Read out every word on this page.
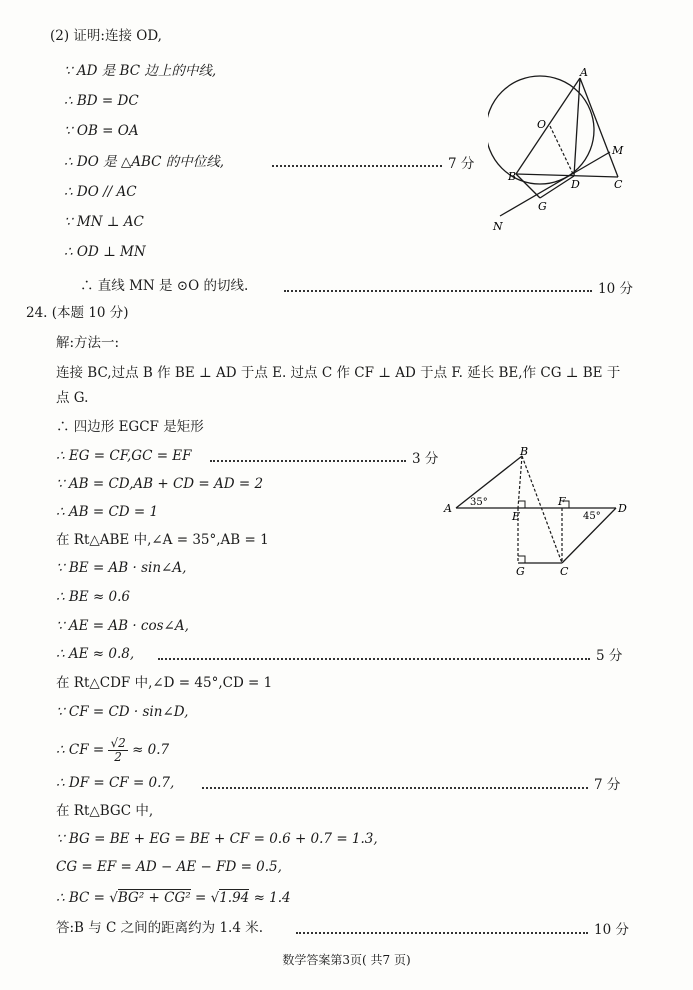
(2) 证明:连接 OD,
∵ AD 是 BC 边上的中线,
∴ BD = DC
∵ OB = OA
∴ DO 是 △ABC 的中位线,	7 分
∴ DO // AC
∵ MN ⊥ AC
∴ OD ⊥ MN
∴ 直线 MN 是 ⊙O 的切线.	10 分
A
O
M
B
D	C
G
N
24. (本题 10 分)
解:方法一:
连接 BC,过点 B 作 BE ⊥ AD 于点 E. 过点 C 作 CF ⊥ AD 于点 F. 延长 BE,作 CG ⊥ BE 于
点 G.
∴ 四边形 EGCF 是矩形
∴ EG = CF,GC = EF	3 分
∵ AB = CD,AB + CD = AD = 2
∴ AB = CD = 1
在 Rt△ABE 中,∠A = 35°,AB = 1
∵ BE = AB · sin∠A,
∴ BE ≈ 0.6
∵ AE = AB · cos∠A,
∴ AE ≈ 0.8,	5 分
在 Rt△CDF 中,∠D = 45°,CD = 1
∵ CF = CD · sin∠D,
∴ CF = $\frac{√2}{2} \approx 0.7$
∴ DF = CF = 0.7,	7 分
在 Rt△BGC 中,
∵ BG = BE + EG = BE + CF = 0.6 + 0.7 = 1.3,
CG = EF = AD − AE − FD = 0.5,
∴ BC = √BG² + CG² = √1.94 ≈ 1.4
答:B 与 C 之间的距离约为 1.4 米.	10 分
B
A 35°
E
F
45°
D
G	C
数学答案第3页( 共7 页)
